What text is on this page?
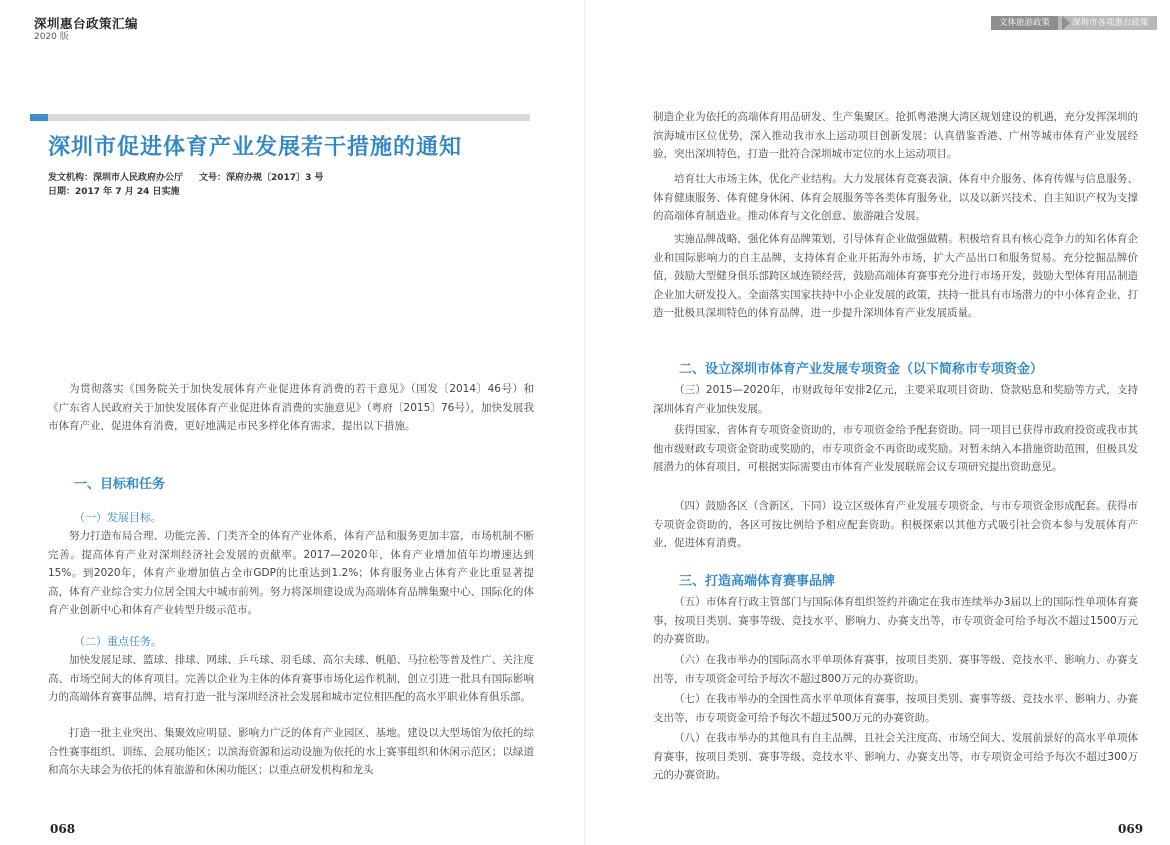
深圳惠台政策汇编
2020 版
深圳市促进体育产业发展若干措施的通知
发文机构：深圳市人民政府办公厅 文号：深府办规〔2017〕3 号
日期：2017 年 7 月 24 日实施

为贯彻落实《国务院关于加快发展体育产业促进体育消费的若干意见》（国发〔2014〕46号）和《广东省人民政府关于加快发展体育产业促进体育消费的实施意见》（粤府〔2015〕76号），加快发展我市体育产业，促进体育消费，更好地满足市民多样化体育需求，提出以下措施。

一、目标和任务
（一）发展目标。

努力打造布局合理、功能完善、门类齐全的体育产业体系，体育产品和服务更加丰富，市场机制不断完善。提高体育产业对深圳经济社会发展的贡献率。2017—2020年，体育产业增加值年均增速达到15%。到2020年，体育产业增加值占全市GDP的比重达到1.2%；体育服务业占体育产业比重显著提高，体育产业综合实力位居全国大中城市前列。努力将深圳建设成为高端体育品牌集聚中心、国际化的体育产业创新中心和体育产业转型升级示范市。

（二）重点任务。

加快发展足球、篮球、排球、网球、乒乓球、羽毛球、高尔夫球、帆船、马拉松等普及性广、关注度高、市场空间大的体育项目。完善以企业为主体的体育赛事市场化运作机制，创立引进一批具有国际影响力的高端体育赛事品牌，培育打造一批与深圳经济社会发展和城市定位相匹配的高水平职业体育俱乐部。

打造一批主业突出、集聚效应明显、影响力广泛的体育产业园区、基地。建设以大型场馆为依托的综合性赛事组织、训练、会展功能区；以滨海资源和运动设施为依托的水上赛事组织和休闲示范区；以绿道和高尔夫球会为依托的体育旅游和休闲功能区；以重点研发机构和龙头

068
文体旅游政策	深圳市各项惠台政策

制造企业为依托的高端体育用品研发、生产集聚区。抢抓粤港澳大湾区规划建设的机遇，充分发挥深圳的滨海城市区位优势，深入推动我市水上运动项目创新发展；认真借鉴香港、广州等城市体育产业发展经验，突出深圳特色，打造一批符合深圳城市定位的水上运动项目。

培育壮大市场主体，优化产业结构。大力发展体育竞赛表演、体育中介服务、体育传媒与信息服务、体育健康服务、体育健身休闲、体育会展服务等各类体育服务业，以及以新兴技术、自主知识产权为支撑的高端体育制造业。推动体育与文化创意、旅游融合发展。

实施品牌战略，强化体育品牌策划，引导体育企业做强做精。积极培育具有核心竞争力的知名体育企业和国际影响力的自主品牌，支持体育企业开拓海外市场，扩大产品出口和服务贸易。充分挖掘品牌价值，鼓励大型健身俱乐部跨区域连锁经营，鼓励高端体育赛事充分进行市场开发，鼓励大型体育用品制造企业加大研发投入。全面落实国家扶持中小企业发展的政策，扶持一批具有市场潜力的中小体育企业，打造一批极具深圳特色的体育品牌，进一步提升深圳体育产业发展质量。

二、设立深圳市体育产业发展专项资金（以下简称市专项资金）

（三）2015—2020年，市财政每年安排2亿元，主要采取项目资助、贷款贴息和奖励等方式，支持深圳体育产业加快发展。

获得国家、省体育专项资金资助的，市专项资金给予配套资助。同一项目已获得市政府投资或我市其他市级财政专项资金资助或奖励的，市专项资金不再资助或奖励。对暂未纳入本措施资助范围，但极具发展潜力的体育项目，可根据实际需要由市体育产业发展联席会议专项研究提出资助意见。

（四）鼓励各区（含新区，下同）设立区级体育产业发展专项资金，与市专项资金形成配套。获得市专项资金资助的，各区可按比例给予相应配套资助。积极探索以其他方式吸引社会资本参与发展体育产业，促进体育消费。

三、打造高端体育赛事品牌

（五）市体育行政主管部门与国际体育组织签约并确定在我市连续举办3届以上的国际性单项体育赛事，按项目类别、赛事等级、竞技水平、影响力、办赛支出等，市专项资金可给予每次不超过1500万元的办赛资助。

（六）在我市举办的国际高水平单项体育赛事，按项目类别、赛事等级、竞技水平、影响力、办赛支出等，市专项资金可给予每次不超过800万元的办赛资助。

（七）在我市举办的全国性高水平单项体育赛事，按项目类别、赛事等级、竞技水平、影响力、办赛支出等，市专项资金可给予每次不超过500万元的办赛资助。

（八）在我市举办的其他具有自主品牌，且社会关注度高、市场空间大、发展前景好的高水平单项体育赛事，按项目类别、赛事等级、竞技水平、影响力、办赛支出等，市专项资金可给予每次不超过300万元的办赛资助。

069
